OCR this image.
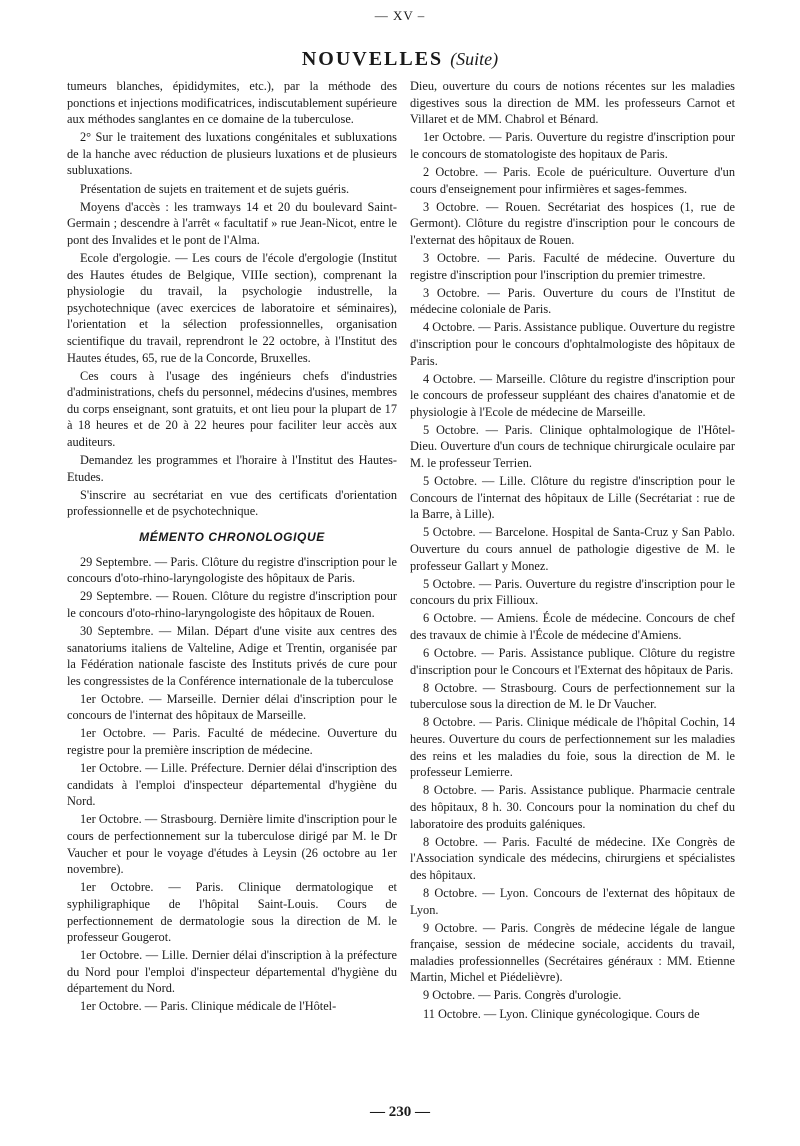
— XV –
NOUVELLES (Suite)

tumeurs blanches, épididymites, etc.), par la méthode des ponctions et injections modificatrices, indiscutablement supérieure aux méthodes sanglantes en ce domaine de la tuberculose.

2° Sur le traitement des luxations congénitales et subluxations de la hanche avec réduction de plusieurs luxations et de plusieurs subluxations.

Présentation de sujets en traitement et de sujets guéris.

Moyens d'accès : les tramways 14 et 20 du boulevard Saint-Germain ; descendre à l'arrêt « facultatif » rue Jean-Nicot, entre le pont des Invalides et le pont de l'Alma.

Ecole d'ergologie. — Les cours de l'école d'ergologie (Institut des Hautes études de Belgique, VIIIe section), comprenant la physiologie du travail, la psychologie industrelle, la psychotechnique (avec exercices de laboratoire et séminaires), l'orientation et la sélection professionnelles, organisation scientifique du travail, reprendront le 22 octobre, à l'Institut des Hautes études, 65, rue de la Concorde, Bruxelles.

Ces cours à l'usage des ingénieurs chefs d'industries d'administrations, chefs du personnel, médecins d'usines, membres du corps enseignant, sont gratuits, et ont lieu pour la plupart de 17 à 18 heures et de 20 à 22 heures pour faciliter leur accès aux auditeurs.

Demandez les programmes et l'horaire à l'Institut des Hautes-Etudes.

S'inscrire au secrétariat en vue des certificats d'orientation professionnelle et de psychotechnique.

MÉMENTO CHRONOLOGIQUE

29 Septembre. — Paris. Clôture du registre d'inscription pour le concours d'oto-rhino-laryngologiste des hôpitaux de Paris.

29 Septembre. — Rouen. Clôture du registre d'inscription pour le concours d'oto-rhino-laryngologiste des hôpitaux de Rouen.

30 Septembre. — Milan. Départ d'une visite aux centres des sanatoriums italiens de Valteline, Adige et Trentin, organisée par la Fédération nationale fasciste des Instituts privés de cure pour les congressistes de la Conférence internationale de la tuberculose

1er Octobre. — Marseille. Dernier délai d'inscription pour le concours de l'internat des hôpitaux de Marseille.

1er Octobre. — Paris. Faculté de médecine. Ouverture du registre pour la première inscription de médecine.

1er Octobre. — Lille. Préfecture. Dernier délai d'inscription des candidats à l'emploi d'inspecteur départemental d'hygiène du Nord.

1er Octobre. — Strasbourg. Dernière limite d'inscription pour le cours de perfectionnement sur la tuberculose dirigé par M. le Dr Vaucher et pour le voyage d'études à Leysin (26 octobre au 1er novembre).

1er Octobre. — Paris. Clinique dermatologique et syphiligraphique de l'hôpital Saint-Louis. Cours de perfectionnement de dermatologie sous la direction de M. le professeur Gougerot.

1er Octobre. — Lille. Dernier délai d'inscription à la préfecture du Nord pour l'emploi d'inspecteur départemental d'hygiène du département du Nord.

1er Octobre. — Paris. Clinique médicale de l'Hôtel-

Dieu, ouverture du cours de notions récentes sur les maladies digestives sous la direction de MM. les professeurs Carnot et Villaret et de MM. Chabrol et Bénard.

1er Octobre. — Paris. Ouverture du registre d'inscription pour le concours de stomatologiste des hopitaux de Paris.

2 Octobre. — Paris. Ecole de puériculture. Ouverture d'un cours d'enseignement pour infirmières et sages-femmes.

3 Octobre. — Rouen. Secrétariat des hospices (1, rue de Germont). Clôture du registre d'inscription pour le concours de l'externat des hôpitaux de Rouen.

3 Octobre. — Paris. Faculté de médecine. Ouverture du registre d'inscription pour l'inscription du premier trimestre.

3 Octobre. — Paris. Ouverture du cours de l'Institut de médecine coloniale de Paris.

4 Octobre. — Paris. Assistance publique. Ouverture du registre d'inscription pour le concours d'ophtalmologiste des hôpitaux de Paris.

4 Octobre. — Marseille. Clôture du registre d'inscription pour le concours de professeur suppléant des chaires d'anatomie et de physiologie à l'Ecole de médecine de Marseille.

5 Octobre. — Paris. Clinique ophtalmologique de l'Hôtel-Dieu. Ouverture d'un cours de technique chirurgicale oculaire par M. le professeur Terrien.

5 Octobre. — Lille. Clôture du registre d'inscription pour le Concours de l'internat des hôpitaux de Lille (Secrétariat : rue de la Barre, à Lille).

5 Octobre. — Barcelone. Hospital de Santa-Cruz y San Pablo. Ouverture du cours annuel de pathologie digestive de M. le professeur Gallart y Monez.

5 Octobre. — Paris. Ouverture du registre d'inscription pour le concours du prix Fillioux.

6 Octobre. — Amiens. École de médecine. Concours de chef des travaux de chimie à l'École de médecine d'Amiens.

6 Octobre. — Paris. Assistance publique. Clôture du registre d'inscription pour le Concours et l'Externat des hôpitaux de Paris.

8 Octobre. — Strasbourg. Cours de perfectionnement sur la tuberculose sous la direction de M. le Dr Vaucher.

8 Octobre. — Paris. Clinique médicale de l'hôpital Cochin, 14 heures. Ouverture du cours de perfectionnement sur les maladies des reins et les maladies du foie, sous la direction de M. le professeur Lemierre.

8 Octobre. — Paris. Assistance publique. Pharmacie centrale des hôpitaux, 8 h. 30. Concours pour la nomination du chef du laboratoire des produits galéniques.

8 Octobre. — Paris. Faculté de médecine. IXe Congrès de l'Association syndicale des médecins, chirurgiens et spécialistes des hôpitaux.

8 Octobre. — Lyon. Concours de l'externat des hôpitaux de Lyon.

9 Octobre. — Paris. Congrès de médecine légale de langue française, session de médecine sociale, accidents du travail, maladies professionnelles (Secrétaires généraux : MM. Etienne Martin, Michel et Piédelièvre).

9 Octobre. — Paris. Congrès d'urologie.

11 Octobre. — Lyon. Clinique gynécologique. Cours de

— 230 —
